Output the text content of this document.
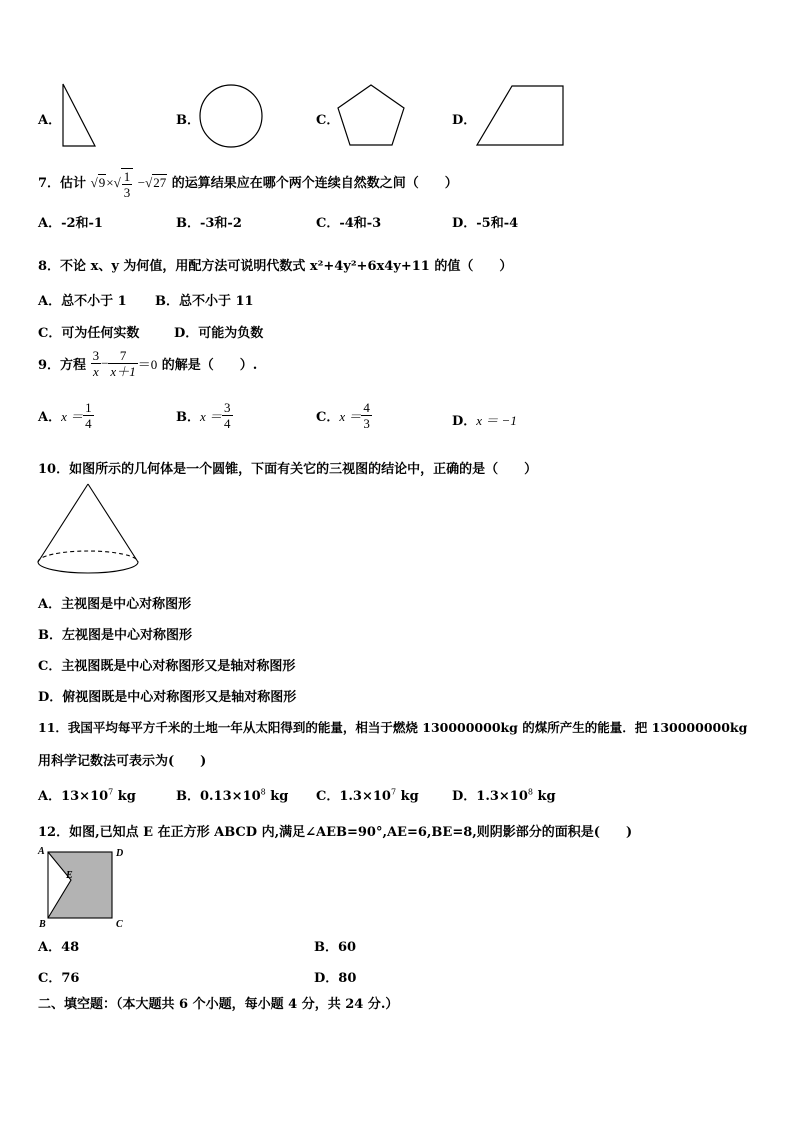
A．	B．	C．	D．
7．估计 $√9\times√ \frac{1}{3} -√27$ 的运算结果应在哪个两个连续自然数之间（　　）
A．-2和-1	B．-3和-2	C．-4和-3	D．-5和-4
8．不论 x、y 为何值，用配方法可说明代数式 x²+4y²+6x4y+11 的值（　　）
A．总不小于 1 B．总不小于 11
C．可为任何实数	D．可能为负数
9．方程 $\frac{3}{x} - \frac{7}{x+1} =0$ 的解是（　　）.
A．$x = \frac{1}{4}$	B．$x = \frac{3}{4}$	C．$x = \frac{4}{3}$	D．x ＝ −1
10．如图所示的几何体是一个圆锥，下面有关它的三视图的结论中，正确的是（　　）
A．主视图是中心对称图形
B．左视图是中心对称图形
C．主视图既是中心对称图形又是轴对称图形
D．俯视图既是中心对称图形又是轴对称图形
11．我国平均每平方千米的土地一年从太阳得到的能量，相当于燃烧 130000000kg 的煤所产生的能量．把 130000000kg
用科学记数法可表示为(　　)
A．$13\times 10^7$ kg	B．$0.13\times 10^8$ kg C．$1.3\times 10^7$ kg	D．$1.3\times 10^8$ kg
12．如图,已知点 E 在正方形 ABCD 内,满足∠AEB=90°,AE=6,BE=8,则阴影部分的面积是(　　)
A	D
E
B	C
A．48	B．60
C．76	D．80
二、填空题：（本大题共 6 个小题，每小题 4 分，共 24 分.）
